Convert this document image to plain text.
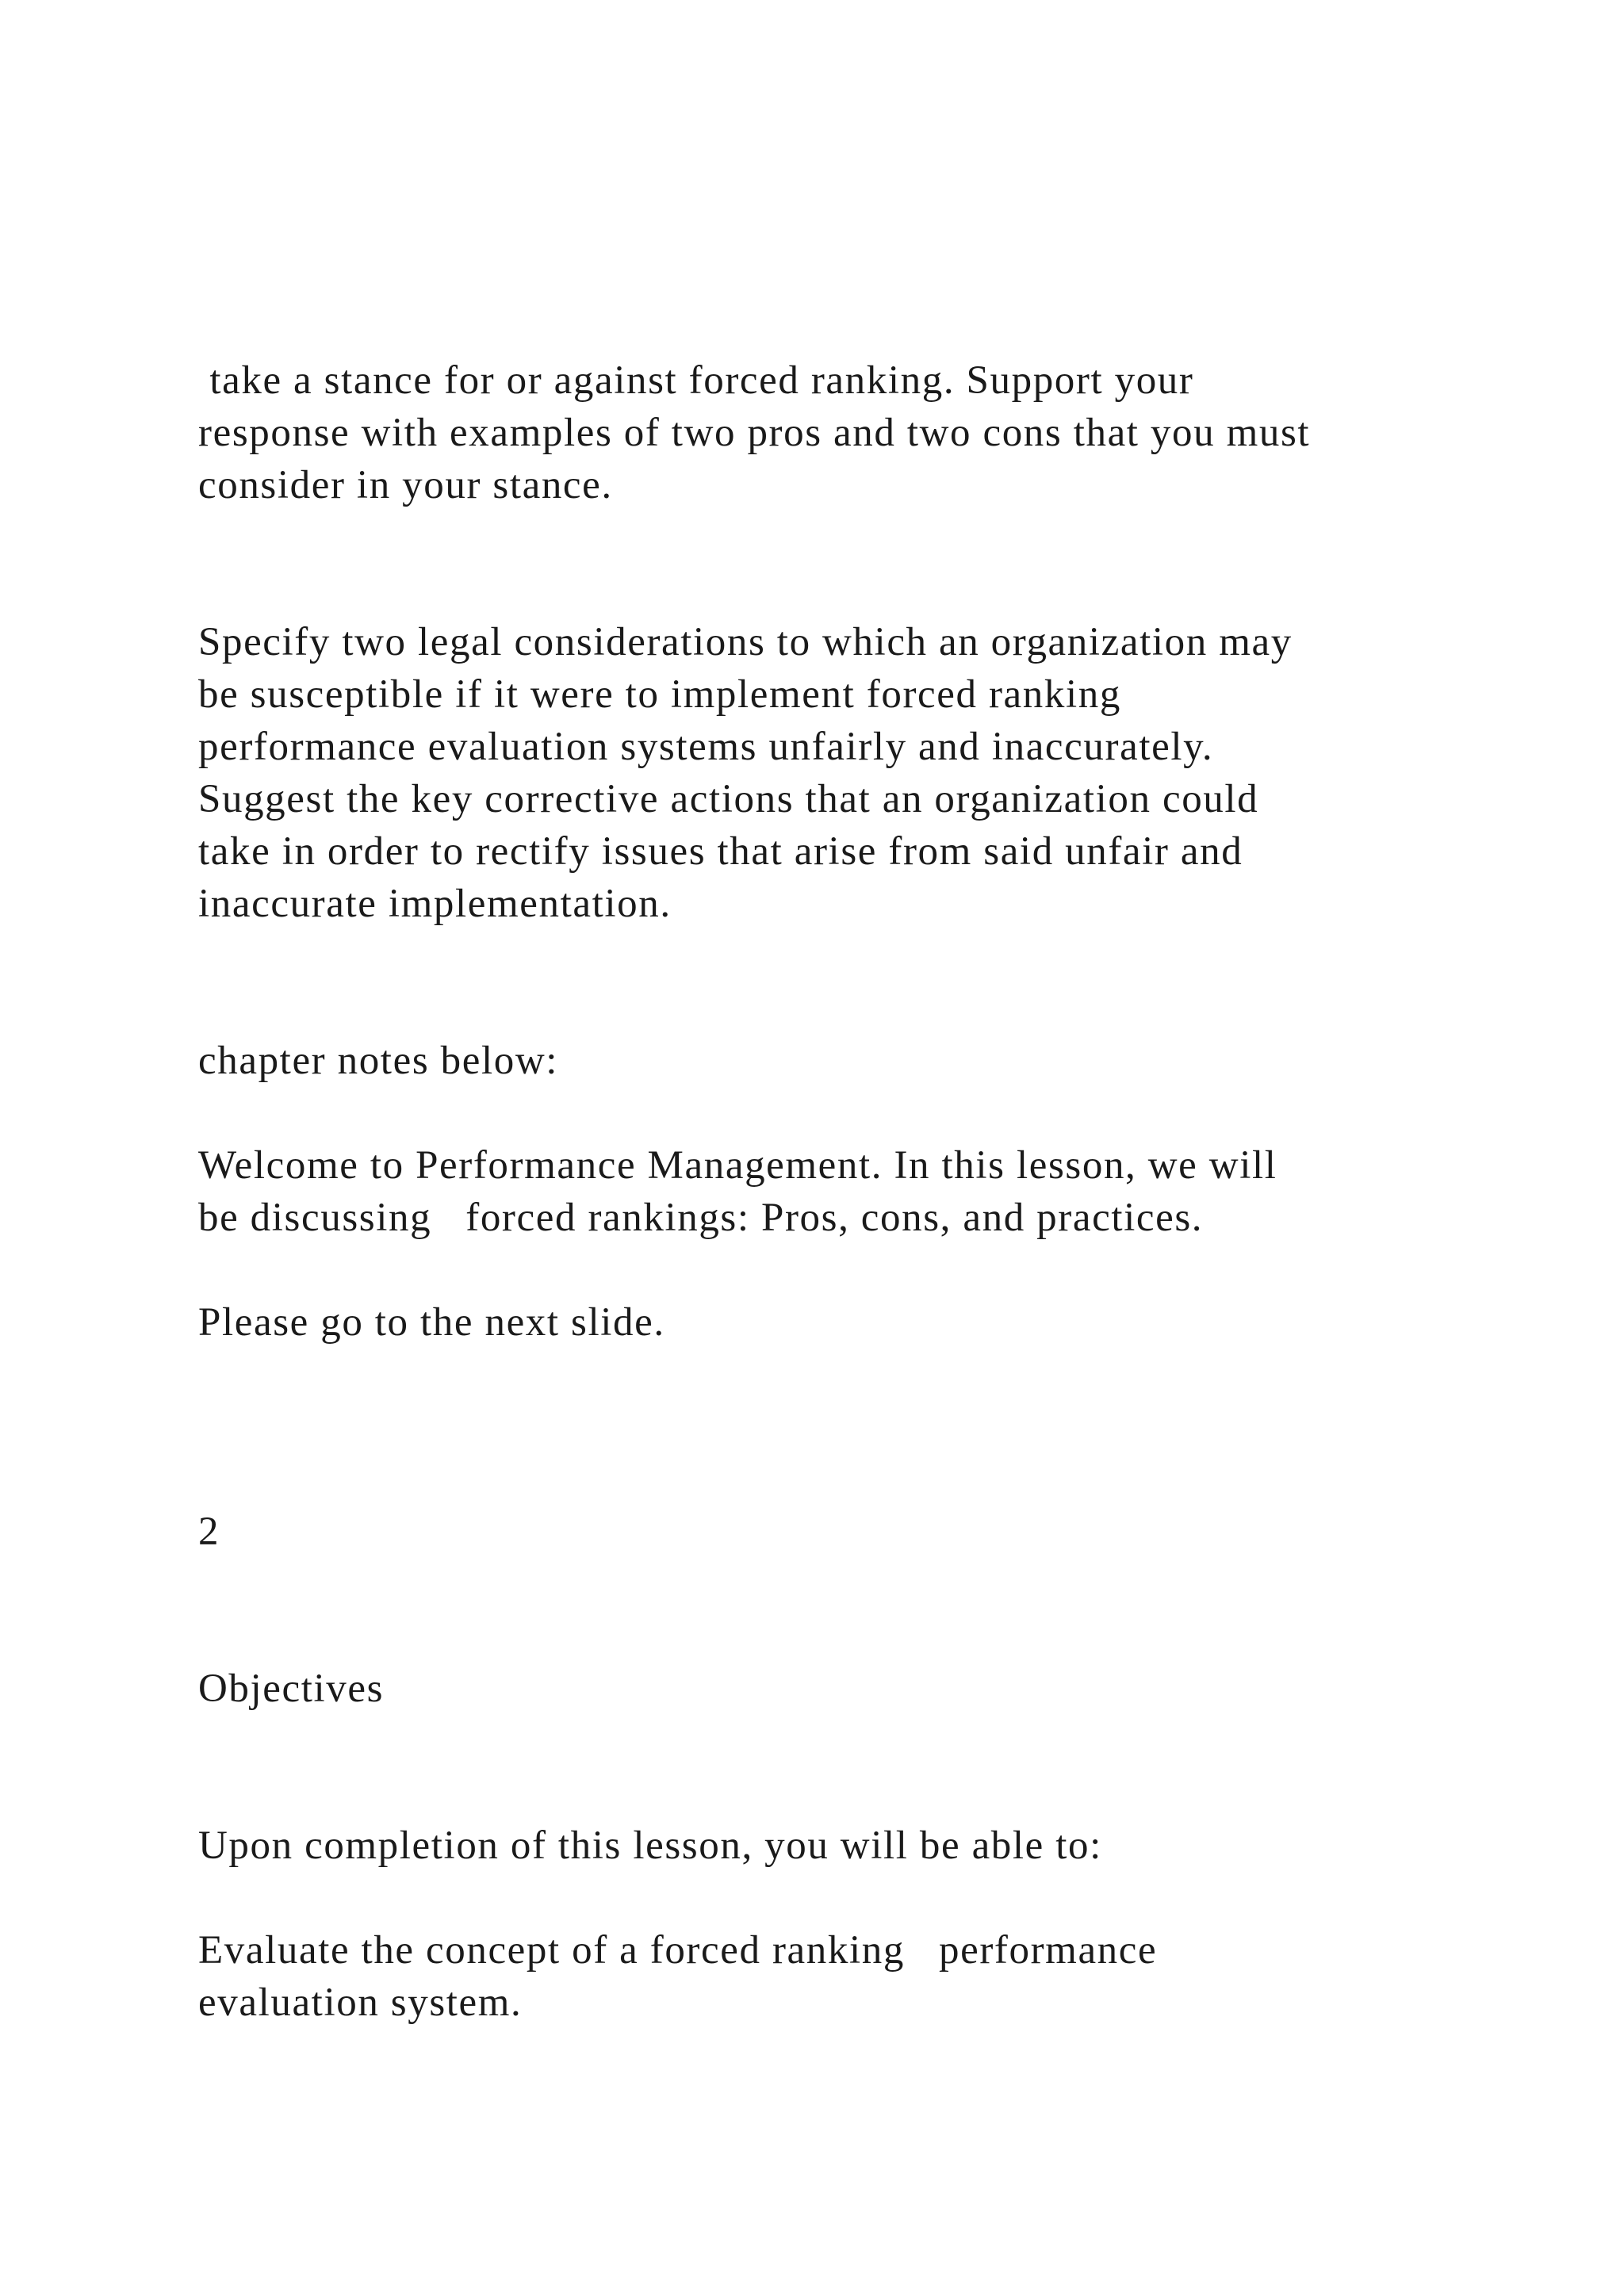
take a stance for or against forced ranking. Support your

response with examples of two pros and two cons that you must

consider in your stance.

Specify two legal considerations to which an organization may

be susceptible if it were to implement forced ranking

performance evaluation systems unfairly and inaccurately.

Suggest the key corrective actions that an organization could

take in order to rectify issues that arise from said unfair and

inaccurate implementation.

chapter notes below:

Welcome to Performance Management. In this lesson, we will

be discussing   forced rankings: Pros, cons, and practices.

Please go to the next slide.

2

Objectives

Upon completion of this lesson, you will be able to:

Evaluate the concept of a forced ranking   performance

evaluation system.
